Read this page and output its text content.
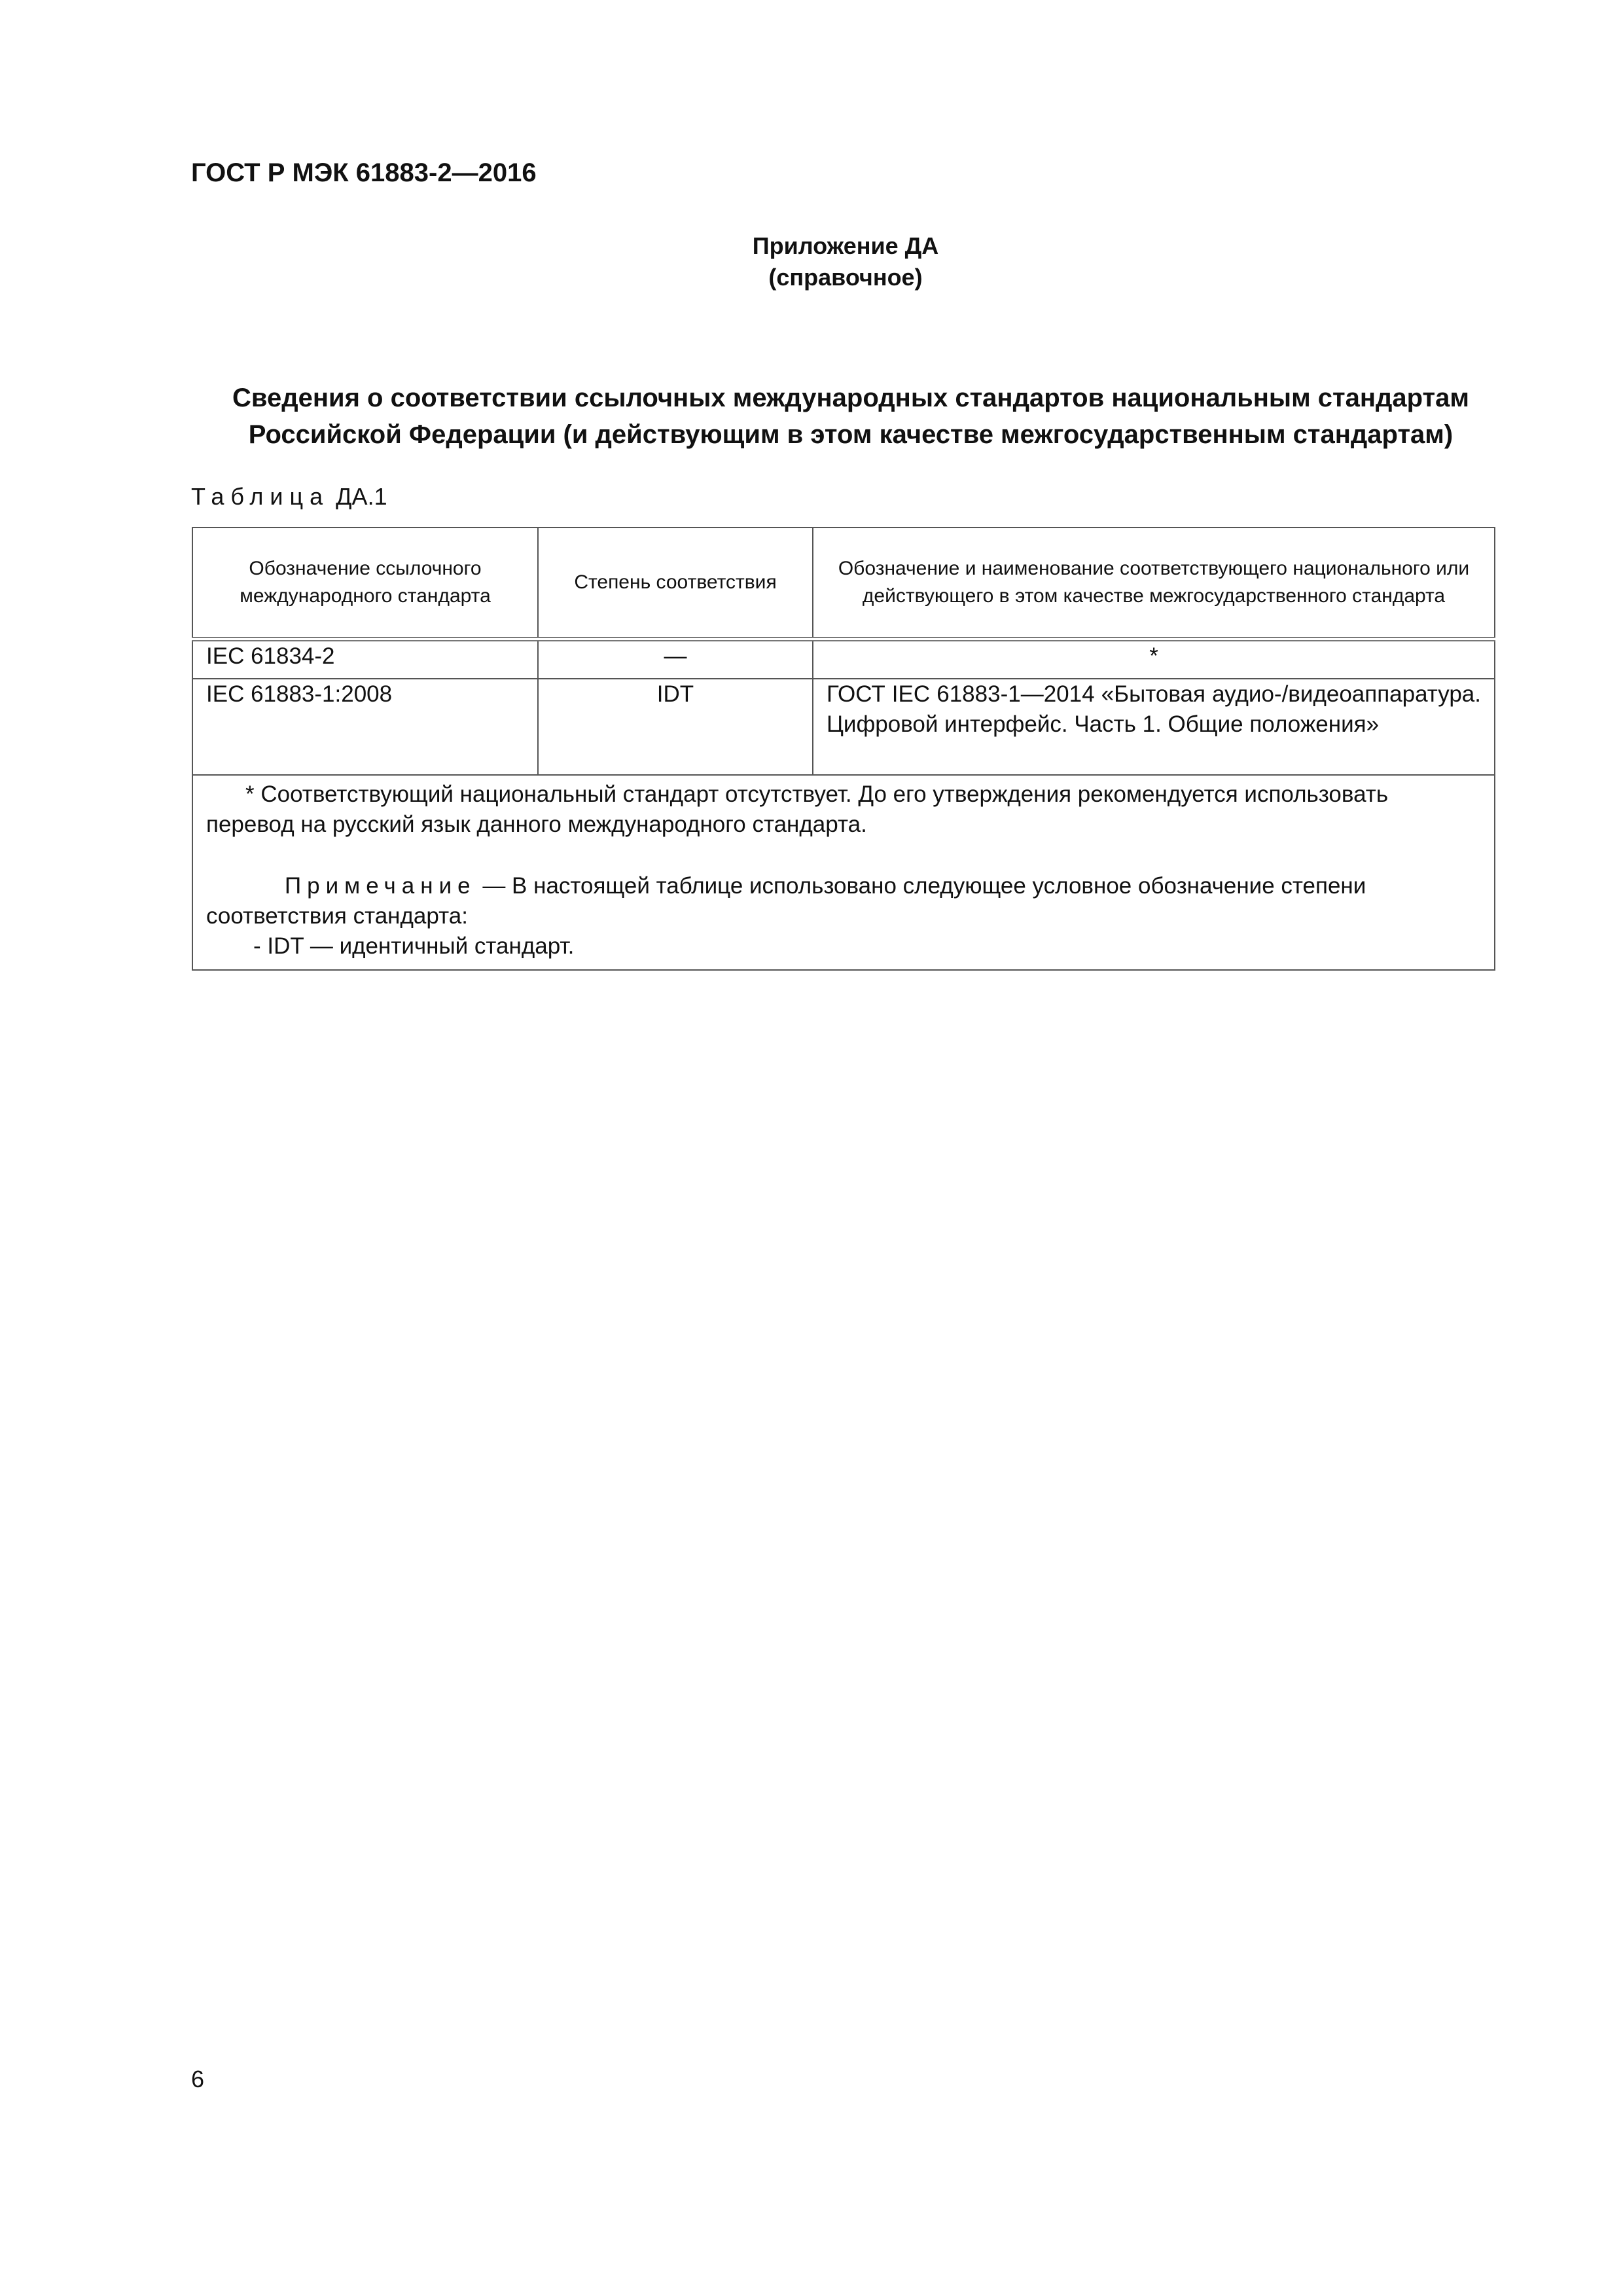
ГОСТ Р МЭК 61883-2—2016

Приложение ДА
(справочное)
Сведения о соответствии ссылочных международных стандартов национальным стандартам
Российской Федерации (и действующим в этом качестве межгосударственным стандартам)

Таблица ДА.1

Обозначение ссылочного международного стандарта	Степень соответствия	Обозначение и наименование соответствующего национального или действующего в этом качестве межгосударственного стандарта
IEC 61834-2	—	*
IEC 61883-1:2008	IDT	ГОСТ IEC 61883-1—2014 «Бытовая аудио-/видеоаппаратура. Цифровой интерфейс. Часть 1. Общие положения»

* Соответствующий национальный стандарт отсутствует. До его утверждения рекомендуется использовать перевод на русский язык данного международного стандарта.

Примечание — В настоящей таблице использовано следующее условное обозначение степени соответствия стандарта:

- IDT — идентичный стандарт.		

6
